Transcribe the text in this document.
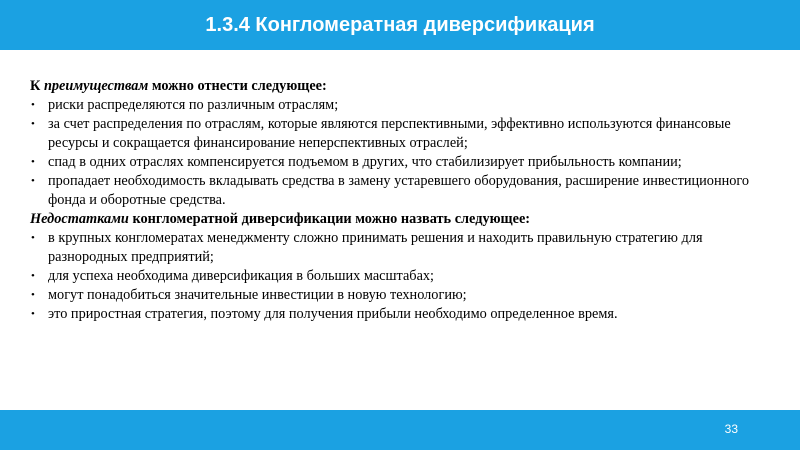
1.3.4 Конгломератная диверсификация

К преимуществам можно отнести следующее:

• риски распределяются по различным отраслям;
• за счет распределения по отраслям, которые являются перспективными, эффективно используются финансовые ресурсы и сокращается финансирование неперспективных отраслей;
• спад в одних отраслях компенсируется подъемом в других, что стабилизирует прибыльность компании;
• пропадает необходимость вкладывать средства в замену устаревшего оборудования, расширение инвестиционного фонда и оборотные средства.

Недостатками конгломератной диверсификации можно назвать следующее:

• в крупных конгломератах менеджменту сложно принимать решения и находить правильную стратегию для разнородных предприятий;
• для успеха необходима диверсификация в больших масштабах;
• могут понадобиться значительные инвестиции в новую технологию;
• это приростная стратегия, поэтому для получения прибыли необходимо определенное время.
33
